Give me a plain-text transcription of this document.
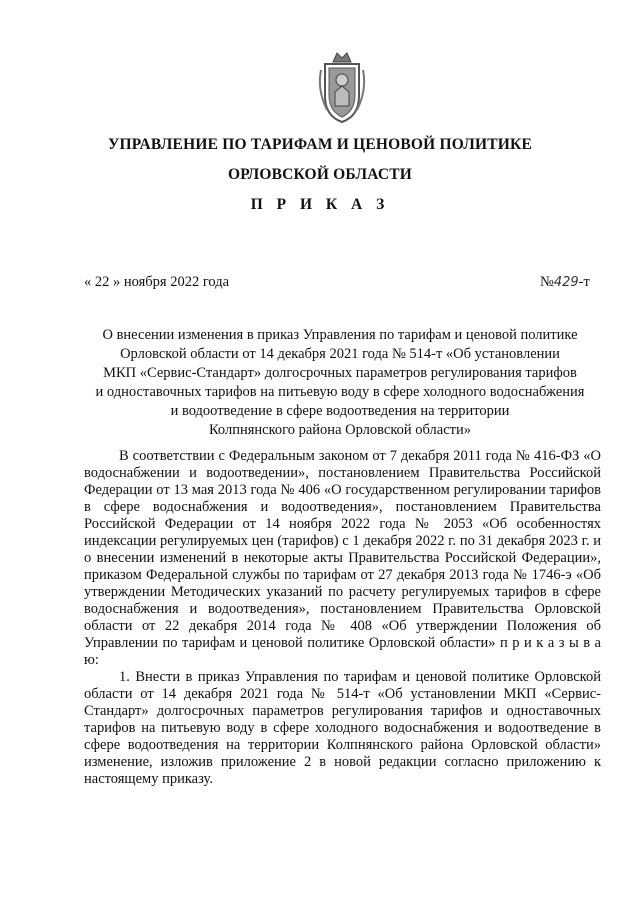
УПРАВЛЕНИЕ ПО ТАРИФАМ И ЦЕНОВОЙ ПОЛИТИКЕ
ОРЛОВСКОЙ ОБЛАСТИ
П Р И К А З
« 22 » ноября 2022 года	№429-т
О внесении изменения в приказ Управления по тарифам и ценовой политике
Орловской области от 14 декабря 2021 года № 514-т «Об установлении
МКП «Сервис-Стандарт» долгосрочных параметров регулирования тарифов
и одноставочных тарифов на питьевую воду в сфере холодного водоснабжения
и водоотведение в сфере водоотведения на территории
Колпнянского района Орловской области»

В соответствии с Федеральным законом от 7 декабря 2011 года № 416-ФЗ «О водоснабжении и водоотведении», постановлением Правительства Российской Федерации от 13 мая 2013 года № 406 «О государственном регулировании тарифов в сфере водоснабжения и водоотведения», постановлением Правительства Российской Федерации от 14 ноября 2022 года № 2053 «Об особенностях индексации регулируемых цен (тарифов) с 1 декабря 2022 г. по 31 декабря 2023 г. и о внесении изменений в некоторые акты Правительства Российской Федерации», приказом Федеральной службы по тарифам от 27 декабря 2013 года № 1746-э «Об утверждении Методических указаний по расчету регулируемых тарифов в сфере водоснабжения и водоотведения», постановлением Правительства Орловской области от 22 декабря 2014 года № 408 «Об утверждении Положения об Управлении по тарифам и ценовой политике Орловской области» п р и к а з ы в а ю:

1. Внести в приказ Управления по тарифам и ценовой политике Орловской области от 14 декабря 2021 года № 514-т «Об установлении МКП «Сервис-Стандарт» долгосрочных параметров регулирования тарифов и одноставочных тарифов на питьевую воду в сфере холодного водоснабжения и водоотведение в сфере водоотведения на территории Колпнянского района Орловской области» изменение, изложив приложение 2 в новой редакции согласно приложению к настоящему приказу.
